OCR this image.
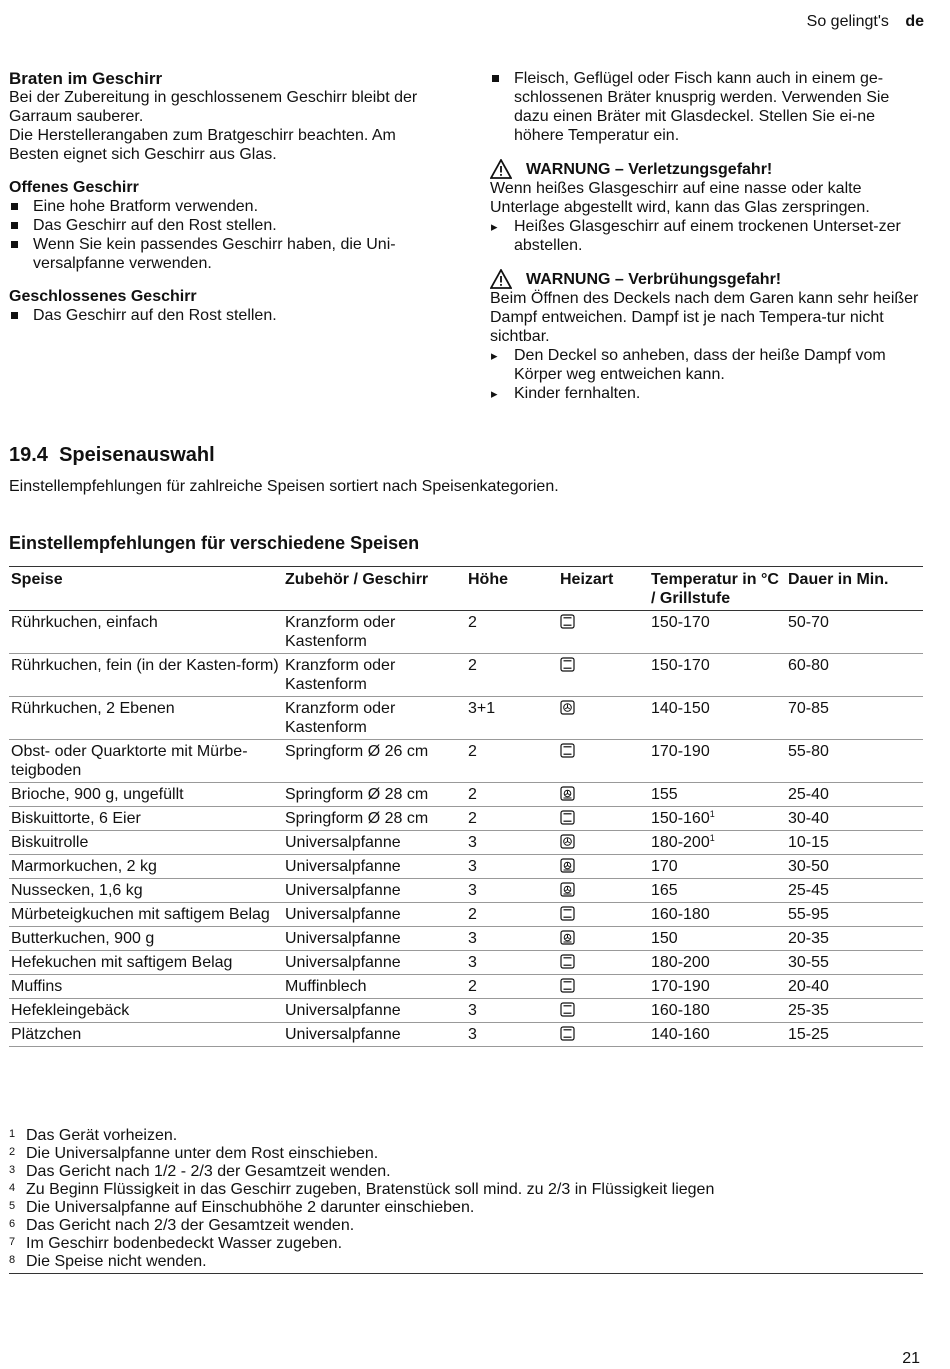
So gelingt's de
Braten im Geschirr

Bei der Zubereitung in geschlossenem Geschirr bleibt der Garraum sauberer.

Die Herstellerangaben zum Bratgeschirr beachten. Am Besten eignet sich Geschirr aus Glas.

Offenes Geschirr
Eine hohe Bratform verwenden.
Das Geschirr auf den Rost stellen.
Wenn Sie kein passendes Geschirr haben, die Uni-versalpfanne verwenden.
Geschlossenes Geschirr
Das Geschirr auf den Rost stellen.
Fleisch, Geflügel oder Fisch kann auch in einem ge-schlossenen Bräter knusprig werden. Verwenden Sie dazu einen Bräter mit Glasdeckel. Stellen Sie ei-ne höhere Temperatur ein.
WARNUNG – Verletzungsgefahr!

Wenn heißes Glasgeschirr auf eine nasse oder kalte Unterlage abgestellt wird, kann das Glas zerspringen.

▸ Heißes Glasgeschirr auf einem trockenen Unterset-zer abstellen.
WARNUNG – Verbrühungsgefahr!

Beim Öffnen des Deckels nach dem Garen kann sehr heißer Dampf entweichen. Dampf ist je nach Tempera-tur nicht sichtbar.

▸ Den Deckel so anheben, dass der heiße Dampf vom Körper weg entweichen kann.
▸ Kinder fernhalten.
19.4 Speisenauswahl

Einstellempfehlungen für zahlreiche Speisen sortiert nach Speisenkategorien.

Einstellempfehlungen für verschiedene Speisen
Speise	Zubehör / Geschirr	Höhe	Heizart	Temperatur in °C / Grillstufe	Dauer in Min.
Rührkuchen, einfach	Kranzform oder Kastenform	2		150-170	50-70
Rührkuchen, fein (in der Kasten-form)	Kranzform oder Kastenform	2		150-170	60-80
Rührkuchen, 2 Ebenen	Kranzform oder Kastenform	3+1		140-150	70-85
Obst- oder Quarktorte mit Mürbe-teigboden	Springform Ø 26 cm	2		170-190	55-80
Brioche, 900 g, ungefüllt	Springform Ø 28 cm	2		155	25-40
Biskuittorte, 6 Eier	Springform Ø 28 cm	2		$150-160^1$	30-40
Biskuitrolle	Universalpfanne	3		$180-200^1$	10-15
Marmorkuchen, 2 kg	Universalpfanne	3		170	30-50
Nussecken, 1,6 kg	Universalpfanne	3		165	25-45
Mürbeteigkuchen mit saftigem Belag	Universalpfanne	2		160-180	55-95
Butterkuchen, 900 g	Universalpfanne	3		150	20-35
Hefekuchen mit saftigem Belag	Universalpfanne	3		180-200	30-55
Muffins	Muffinblech	2		170-190	20-40
Hefekleingebäck	Universalpfanne	3		160-180	25-35
Plätzchen	Universalpfanne	3		140-160	15-25
1 Das Gerät vorheizen.
2 Die Universalpfanne unter dem Rost einschieben.
3 Das Gericht nach 1/2 - 2/3 der Gesamtzeit wenden.
4 Zu Beginn Flüssigkeit in das Geschirr zugeben, Bratenstück soll mind. zu 2/3 in Flüssigkeit liegen
5 Die Universalpfanne auf Einschubhöhe 2 darunter einschieben.
6 Das Gericht nach 2/3 der Gesamtzeit wenden.
7 Im Geschirr bodenbedeckt Wasser zugeben.
8 Die Speise nicht wenden.
21
